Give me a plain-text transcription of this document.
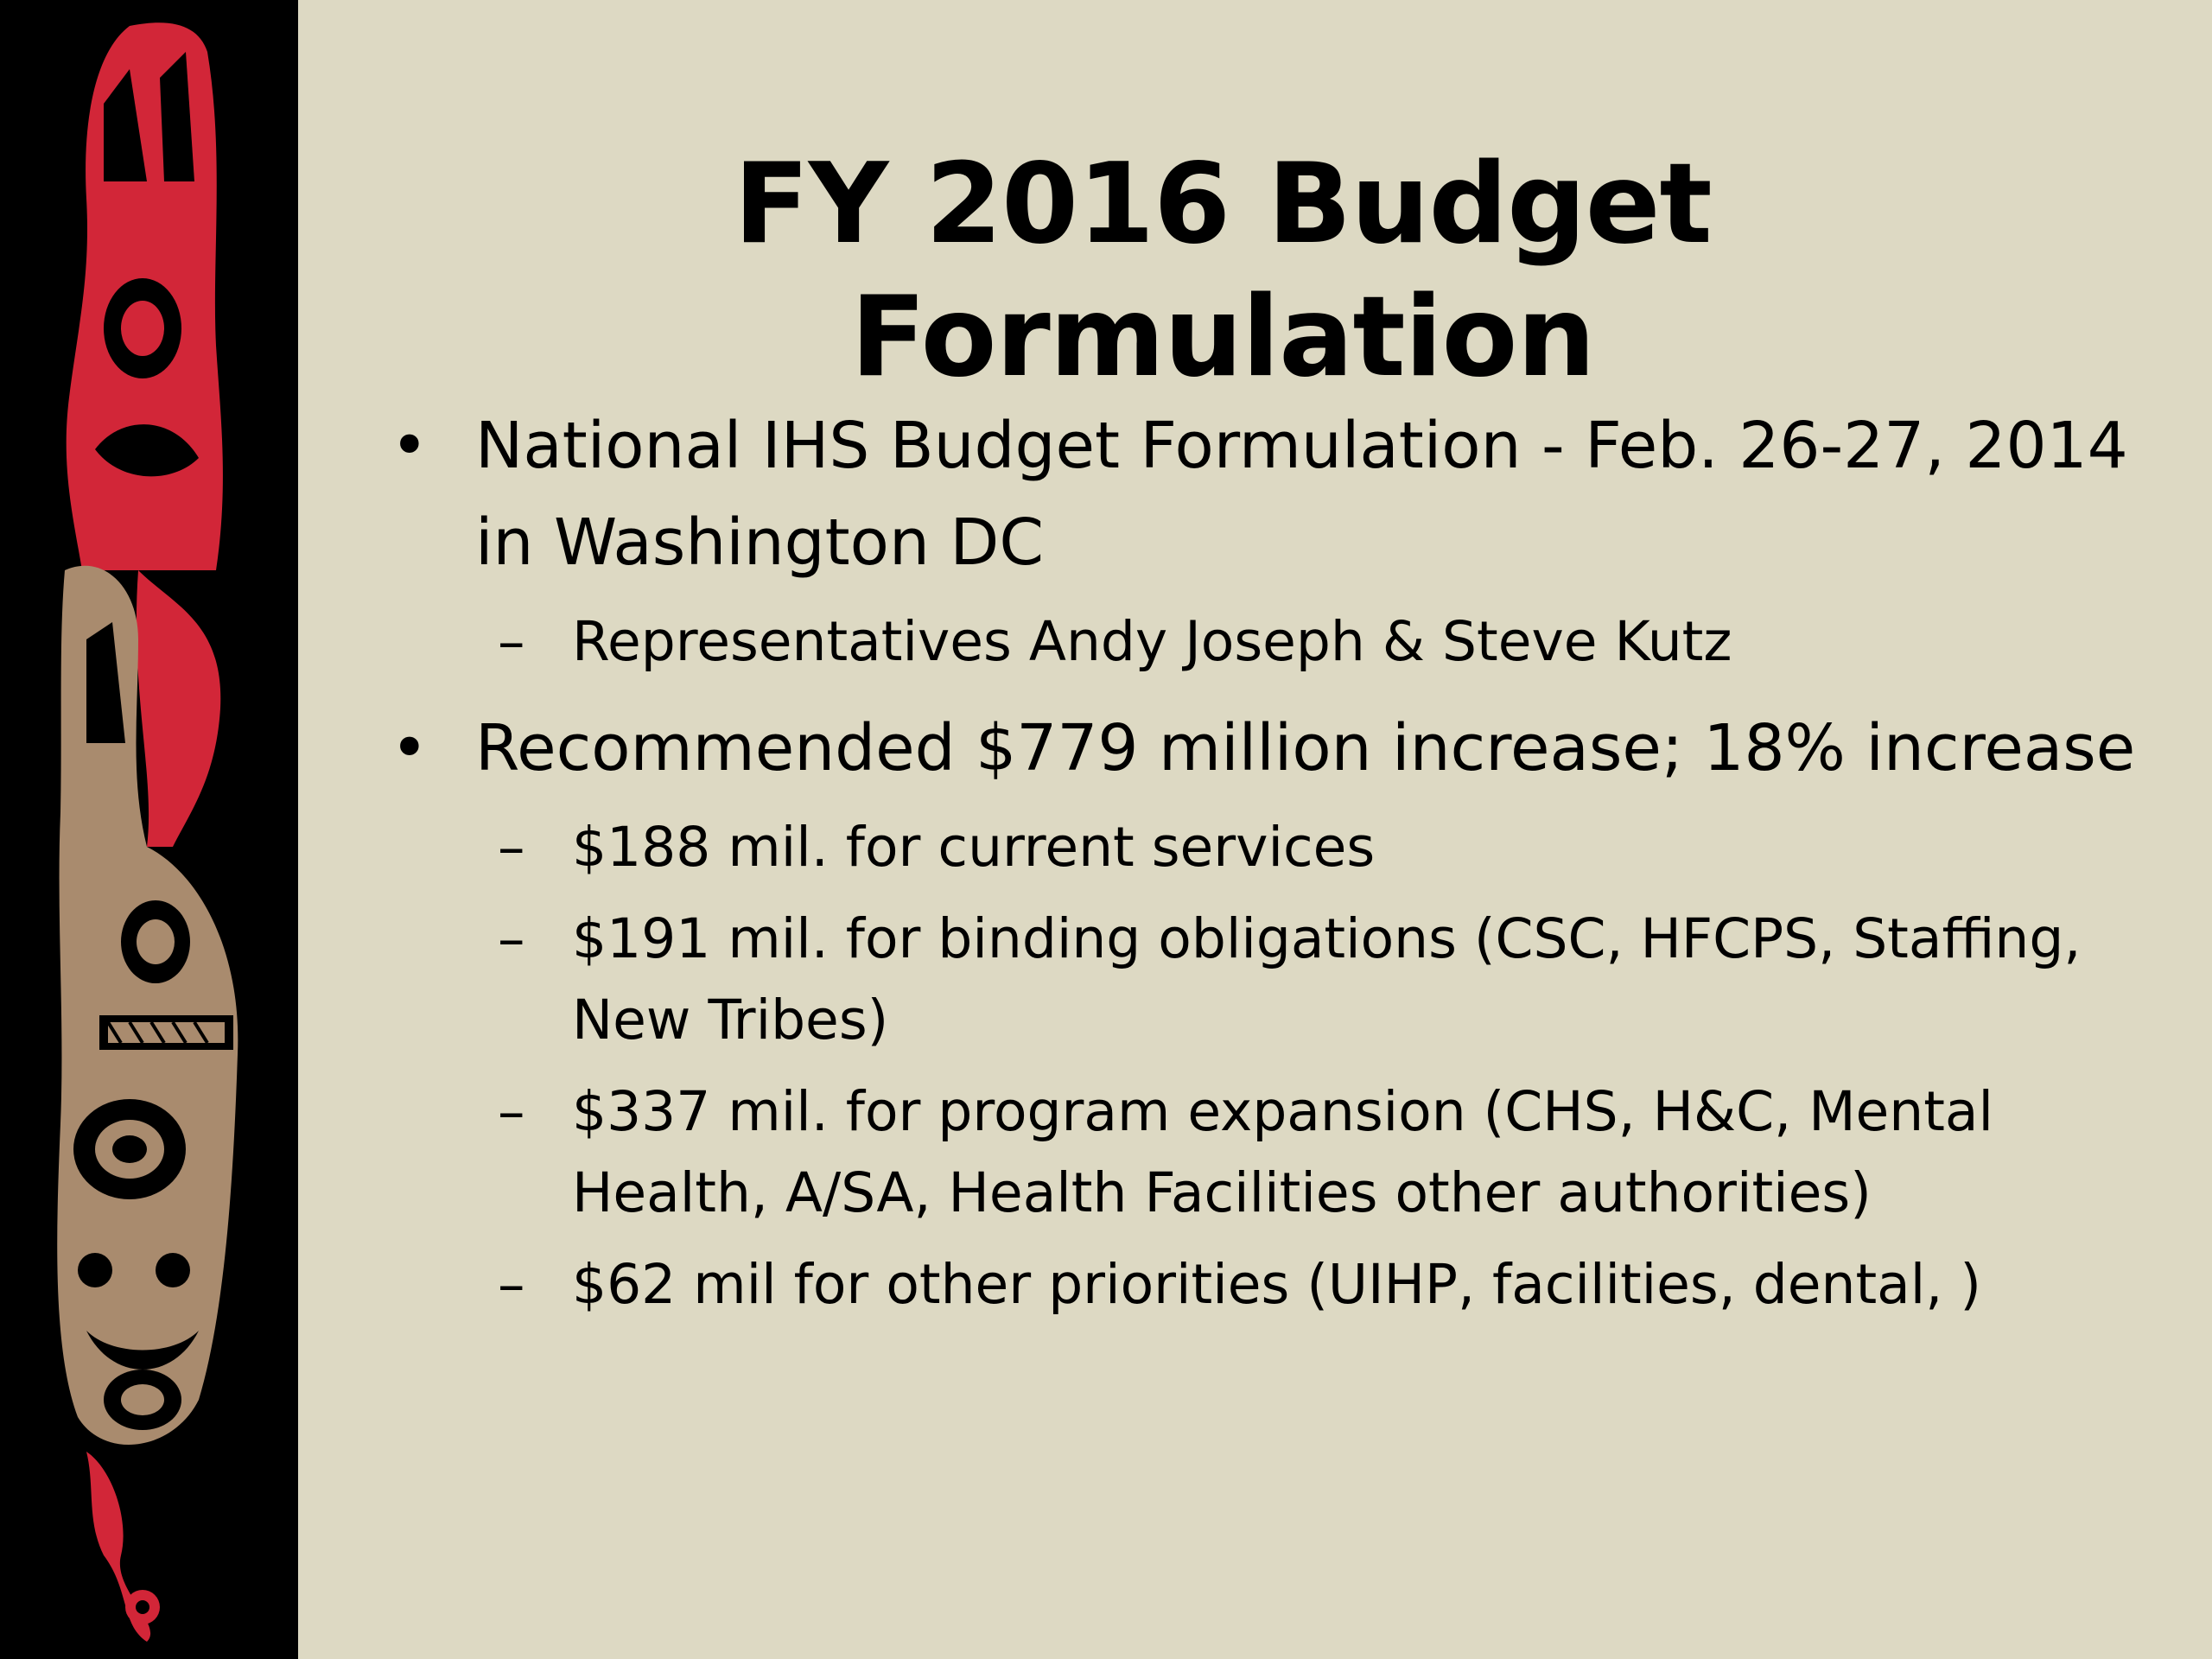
FY 2016 Budget Formulation

• National IHS Budget Formulation - Feb. 26-27, 2014 in Washington DC

– Representatives Andy Joseph & Steve Kutz

• Recommended $779 million increase; 18% increase

– $188 mil. for current services

– $191 mil. for binding obligations (CSC, HFCPS, Staffing, New Tribes)

– $337 mil. for program expansion (CHS, H&C, Mental Health, A/SA, Health Facilities other authorities)

– $62 mil for other priorities (UIHP, facilities, dental, )
